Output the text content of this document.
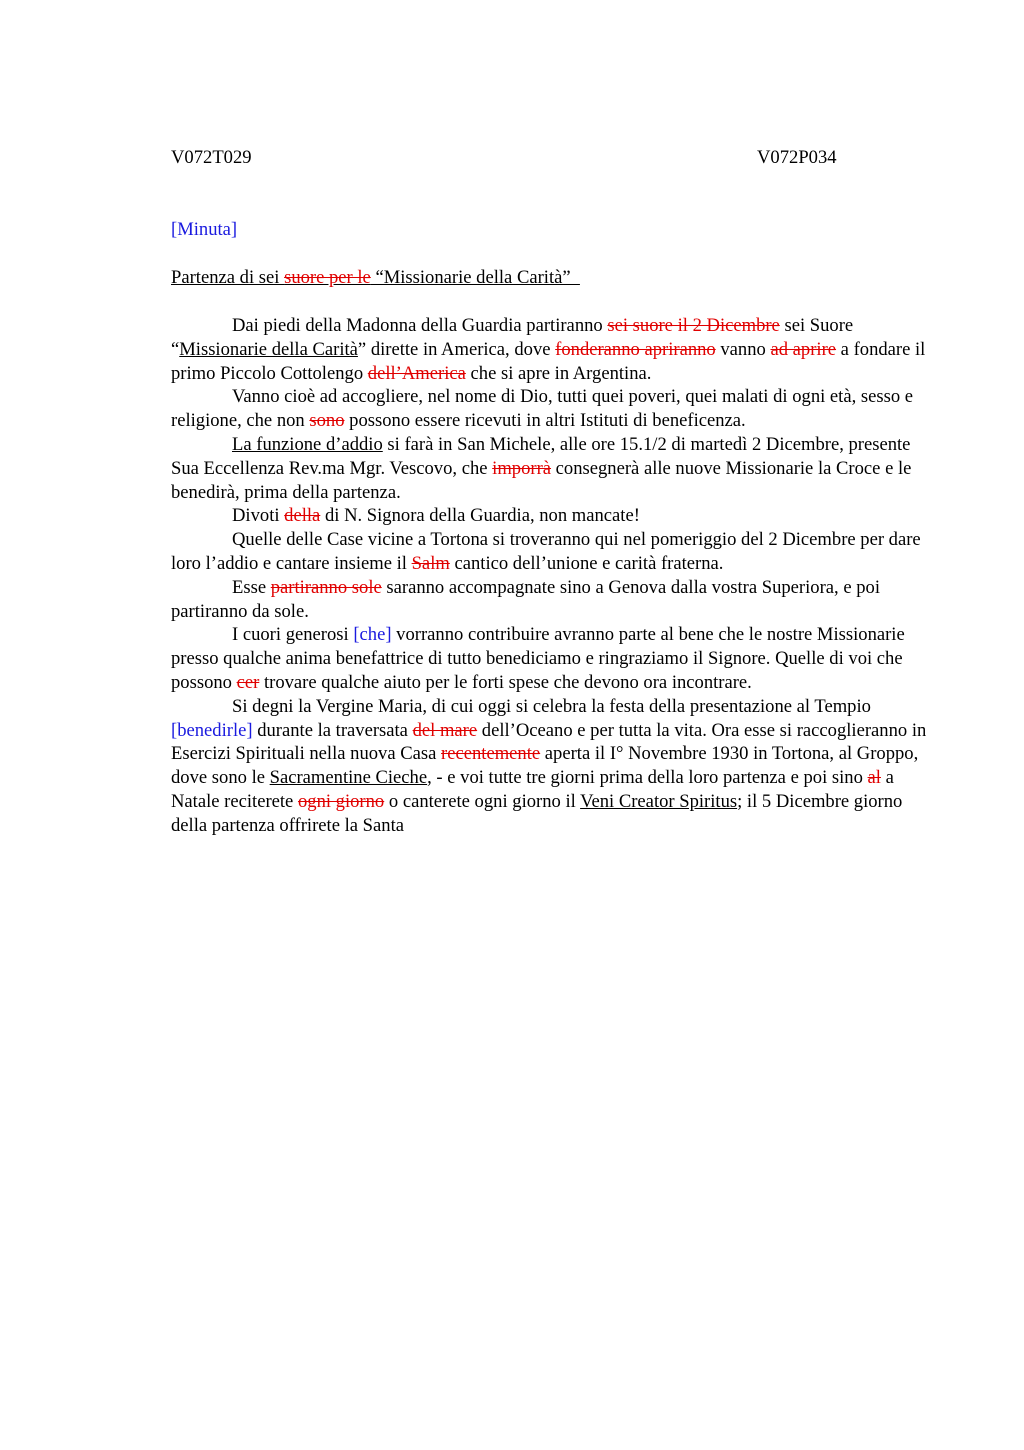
V072T029	V072P034
[Minuta]
Partenza di sei suore per le “Missionarie della Carità”

Dai piedi della Madonna della Guardia partiranno sei suore il 2 Dicembre sei Suore “Missionarie della Carità” dirette in America, dove fonderanno apriranno vanno ad aprire a fondare il primo Piccolo Cottolengo dell’America che si apre in Argentina.

Vanno cioè ad accogliere, nel nome di Dio, tutti quei poveri, quei malati di ogni età, sesso e religione, che non sono possono essere ricevuti in altri Istituti di beneficenza.

La funzione d’addio si farà in San Michele, alle ore 15.1/2 di martedì 2 Dicembre, presente Sua Eccellenza Rev.ma Mgr. Vescovo, che imporrà consegnerà alle nuove Missionarie la Croce e le benedirà, prima della partenza.

Divoti della di N. Signora della Guardia, non mancate!

Quelle delle Case vicine a Tortona si troveranno qui nel pomeriggio del 2 Dicembre per dare loro l’addio e cantare insieme il Salm cantico dell’unione e carità fraterna.

Esse partiranno sole saranno accompagnate sino a Genova dalla vostra Superiora, e poi partiranno da sole.

I cuori generosi [che] vorranno contribuire avranno parte al bene che le nostre Missionarie presso qualche anima benefattrice di tutto benediciamo e ringraziamo il Signore. Quelle di voi che possono cer trovare qualche aiuto per le forti spese che devono ora incontrare.

Si degni la Vergine Maria, di cui oggi si celebra la festa della presentazione al Tempio [benedirle] durante la traversata del mare dell’Oceano e per tutta la vita. Ora esse si raccoglieranno in Esercizi Spirituali nella nuova Casa recentemente aperta il I° Novembre 1930 in Tortona, al Groppo, dove sono le Sacramentine Cieche, - e voi tutte tre giorni prima della loro partenza e poi sino al a Natale reciterete ogni giorno o canterete ogni giorno il Veni Creator Spiritus; il 5 Dicembre giorno della partenza offrirete la Santa
